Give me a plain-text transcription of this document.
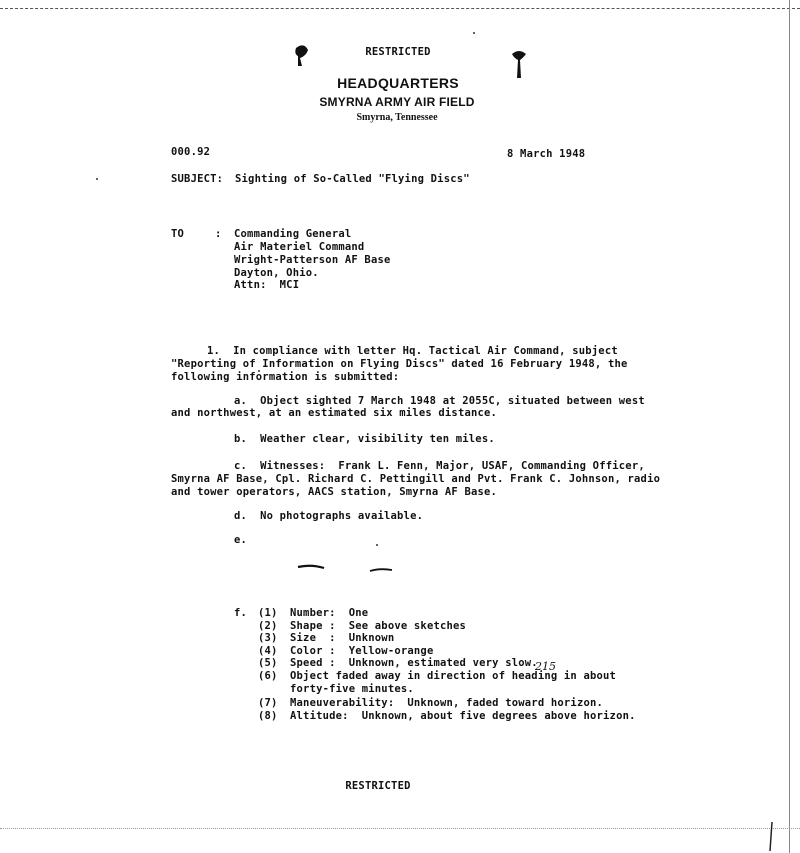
RESTRICTED
HEADQUARTERS
SMYRNA ARMY AIR FIELD
Smyrna, Tennessee
000.92	8 March 1948
SUBJECT: Sighting of So-Called "Flying Discs"
TO	: Commanding General
Air Materiel Command
Wright-Patterson AF Base
Dayton, Ohio.
Attn:  MCI
1.  In compliance with letter Hq. Tactical Air Command, subject
"Reporting of Information on Flying Discs" dated 16 February 1948, the
following information is submitted:
a.  Object sighted 7 March 1948 at 2055C, situated between west
and northwest, at an estimated six miles distance.
b.  Weather clear, visibility ten miles.
c.  Witnesses:  Frank L. Fenn, Major, USAF, Commanding Officer,
Smyrna AF Base, Cpl. Richard C. Pettingill and Pvt. Frank C. Johnson, radio
and tower operators, AACS station, Smyrna AF Base.
d.  No photographs available.
e.
f. (1) Number:  One
(2) Shape :  See above sketches
(3) Size  :  Unknown
(4) Color :  Yellow-orange
(5) Speed :  Unknown, estimated very slow.
(6) Object faded away in direction of heading in about
215
forty-five minutes.
(7) Maneuverability:  Unknown, faded toward horizon.
(8) Altitude:  Unknown, about five degrees above horizon.
RESTRICTED
